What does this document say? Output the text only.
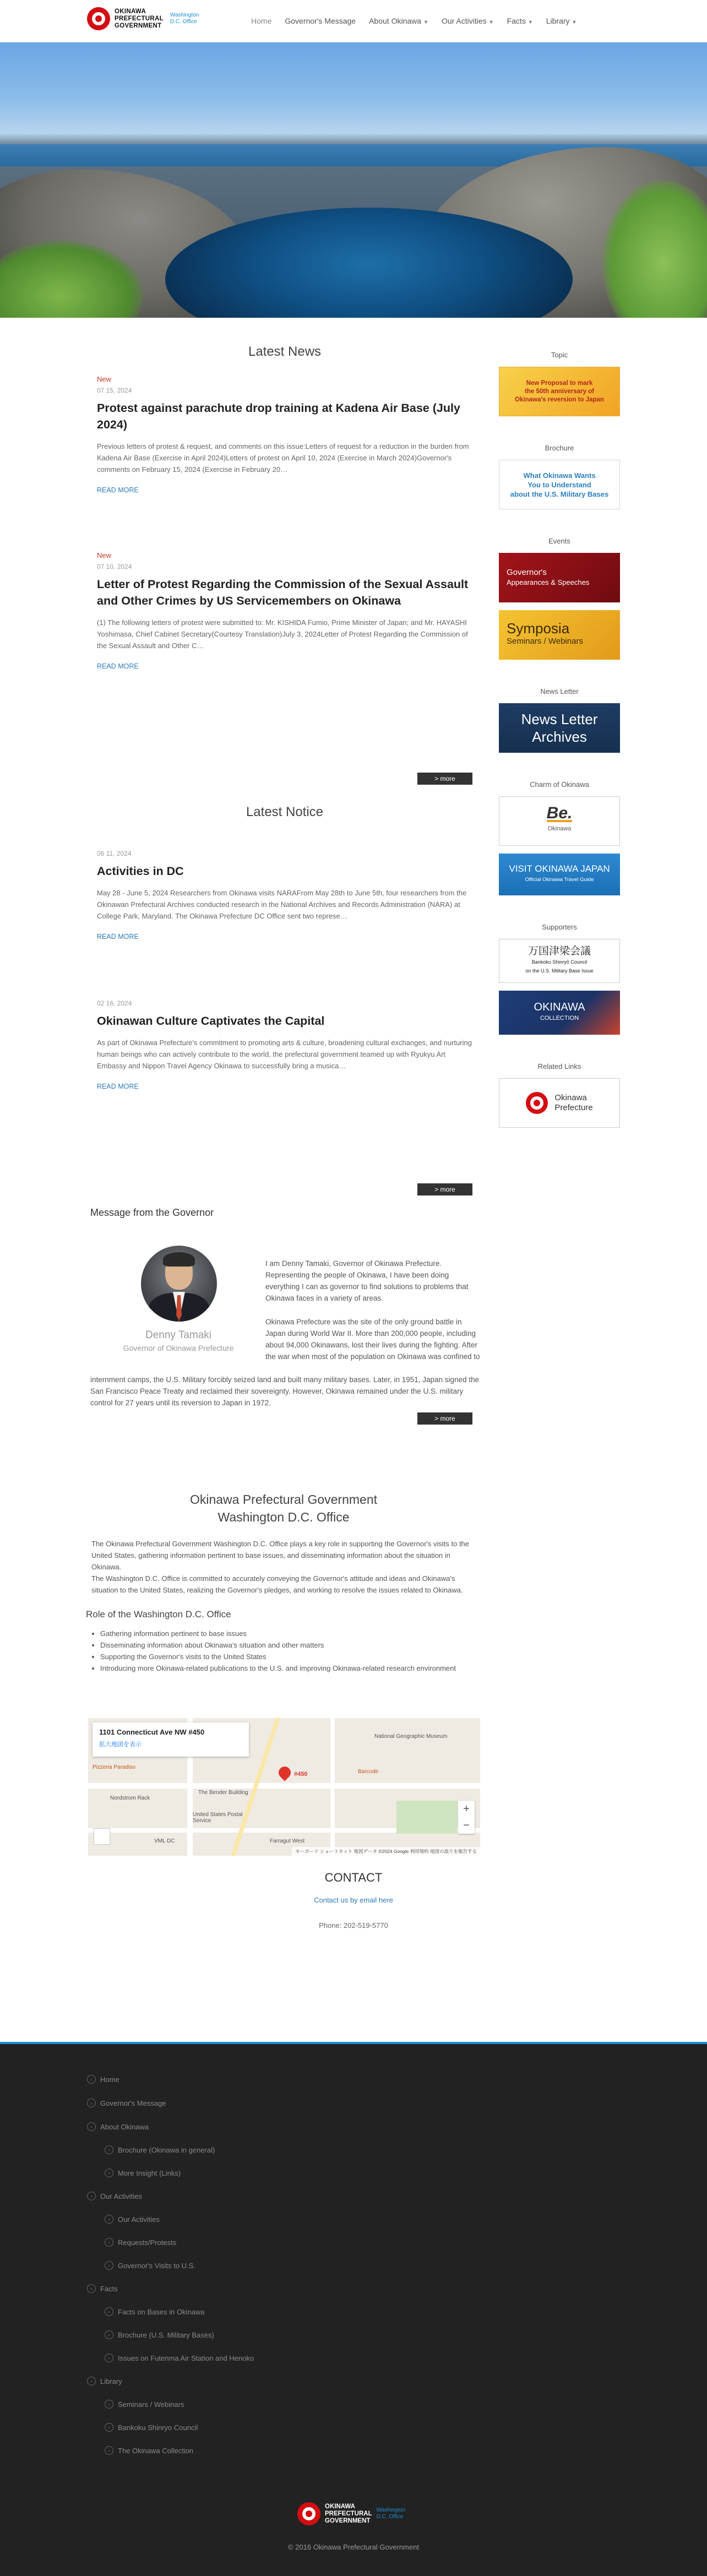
OKINAWA
PREFECTURAL
GOVERNMENT
Washington
D.C. Office	Home Governor's Message About Okinawa ▼ Our Activities ▼ Facts ▼ Library ▼
Latest News
New
07 15, 2024
Protest against parachute drop training at Kadena Air Base (July 2024)
Previous letters of protest & request, and comments on this issue:Letters of request for a reduction in the burden from Kadena Air Base (Exercise in April 2024)Letters of protest on April 10, 2024 (Exercise in March 2024)Governor's comments on February 15, 2024 (Exercise in February 20…
READ MORE
New
07 10, 2024
Letter of Protest Regarding the Commission of the Sexual Assault and Other Crimes by US Servicemembers on Okinawa
(1) The following letters of protest were submitted to: Mr. KISHIDA Fumio, Prime Minister of Japan; and Mr. HAYASHI Yoshimasa, Chief Cabinet Secretary(Courtesy Translation)July 3, 2024Letter of Protest Regarding the Commission of the Sexual Assault and Other C…
READ MORE
> more
Latest Notice
06 11, 2024
Activities in DC
May 28 - June 5, 2024 Researchers from Okinawa visits NARAFrom May 28th to June 5th, four researchers from the Okinawan Prefectural Archives conducted research in the National Archives and Records Administration (NARA) at College Park, Maryland. The Okinawa Prefecture DC Office sent two represe…
READ MORE
02 16, 2024
Okinawan Culture Captivates the Capital
As part of Okinawa Prefecture's commitment to promoting arts & culture, broadening cultural exchanges, and nurturing human beings who can actively contribute to the world, the prefectural government teamed up with Ryukyu Art Embassy and Nippon Travel Agency Okinawa to successfully bring a musica…
READ MORE
> more
Topic
New Proposal to mark
the 50th anniversary of
Okinawa's reversion to Japan
Brochure
What Okinawa Wants
You to Understand
about the U.S. Military Bases
Events
Governor's
Appearances & Speeches
Symposia
Seminars / Webinars
News Letter
News Letter
Archives
Charm of Okinawa
Be.
Okinawa
VISIT OKINAWA JAPAN
Official Okinawa Travel Guide
Supporters
万国津梁会議
Bankoku Shinryō Council
on the U.S. Military Base Issue
OKINAWA
COLLECTION
Related Links
Okinawa
Prefecture
Message from the Governor
Denny Tamaki
Governor of Okinawa Prefecture
I am Denny Tamaki, Governor of Okinawa Prefecture. Representing the people of Okinawa, I have been doing everything I can as governor to find solutions to problems that Okinawa faces in a variety of areas.
Okinawa Prefecture was the site of the only ground battle in Japan during World War II. More than 200,000 people, including about 94,000 Okinawans, lost their lives during the fighting. After the war when most of the population on Okinawa was confined to
internment camps, the U.S. Military forcibly seized land and built many military bases. Later, in 1951, Japan signed the San Francisco Peace Treaty and reclaimed their sovereignty. However, Okinawa remained under the U.S. military control for 27 years until its reversion to Japan in 1972.
> more
Okinawa Prefectural Government
Washington D.C. Office
The Okinawa Prefectural Government Washington D.C. Office plays a key role in supporting the Governor's visits to the United States, gathering information pertinent to base issues, and disseminating information about the situation in Okinawa.
The Washington D.C. Office is committed to accurately conveying the Governor's attitude and ideas and Okinawa's situation to the United States, realizing the Governor's pledges, and working to resolve the issues related to Okinawa.
Role of the Washington D.C. Office
• Gathering information pertinent to base issues
• Disseminating information about Okinawa's situation and other matters
• Supporting the Governor's visits to the United States
• Introducing more Okinawa-related publications to the U.S. and improving Okinawa-related research environment
1101 Connecticut Ave NW #450
拡大地図を表示
Pizzeria Paradiso
Nordstrom Rack
The Bender Building
Barcode
United States Postal Service
VML DC	Farragut West
National Geographic Museum
#450
+
−
キーボード ショートカット 地図データ ©2024 Google 利用規約 地図の誤りを報告する
CONTACT
Contact us by email here
Phone: 202-519-5770
›	Home
›	Governor's Message
›	About Okinawa
›	Brochure (Okinawa in general)
›	More Insight (Links)
›	Our Activities
›	Our Activities
›	Requests/Protests
›	Governor's Visits to U.S.
›	Facts
›	Facts on Bases in Okinawa
›	Brochure (U.S. Military Bases)
›	Issues on Futenma Air Station and Henoko
›	Library
›	Seminars / Webinars
›	Bankoku Shinryo Council
›	The Okinawa Collection
OKINAWA
PREFECTURAL
GOVERNMENT
Washington
D.C. Office
© 2016 Okinawa Prefectural Government
